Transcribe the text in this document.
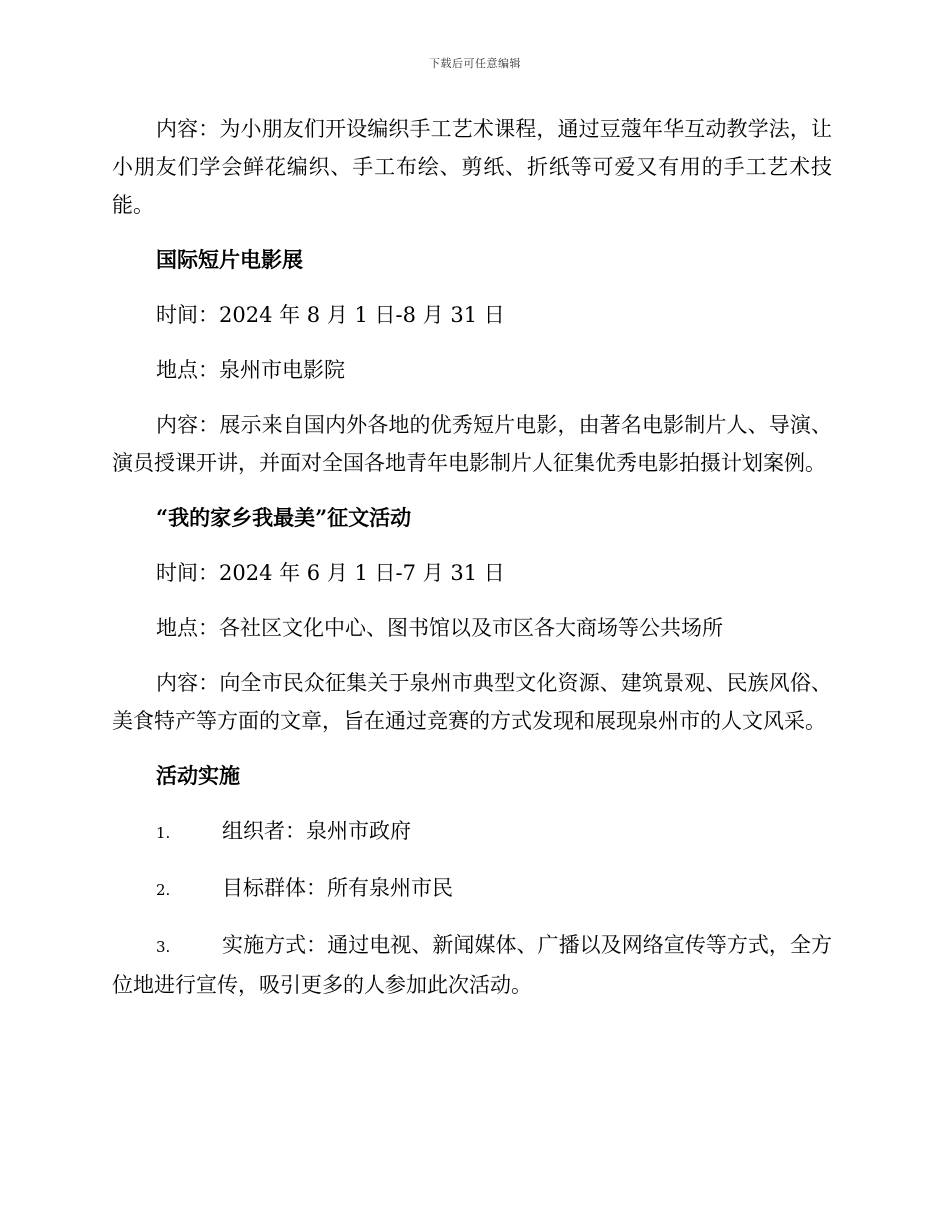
下载后可任意编辑

内容：为小朋友们开设编织手工艺术课程，通过豆蔻年华互动教学法，让小朋友们学会鲜花编织、手工布绘、剪纸、折纸等可爱又有用的手工艺术技能。

国际短片电影展

时间：2024 年 8 月 1 日-8 月 31 日

地点：泉州市电影院

内容：展示来自国内外各地的优秀短片电影，由著名电影制片人、导演、演员授课开讲，并面对全国各地青年电影制片人征集优秀电影拍摄计划案例。

“我的家乡我最美”征文活动

时间：2024 年 6 月 1 日-7 月 31 日

地点：各社区文化中心、图书馆以及市区各大商场等公共场所

内容：向全市民众征集关于泉州市典型文化资源、建筑景观、民族风俗、美食特产等方面的文章，旨在通过竞赛的方式发现和展现泉州市的人文风采。

活动实施

1. 组织者：泉州市政府

2. 目标群体：所有泉州市民

3. 实施方式：通过电视、新闻媒体、广播以及网络宣传等方式，全方位地进行宣传，吸引更多的人参加此次活动。
